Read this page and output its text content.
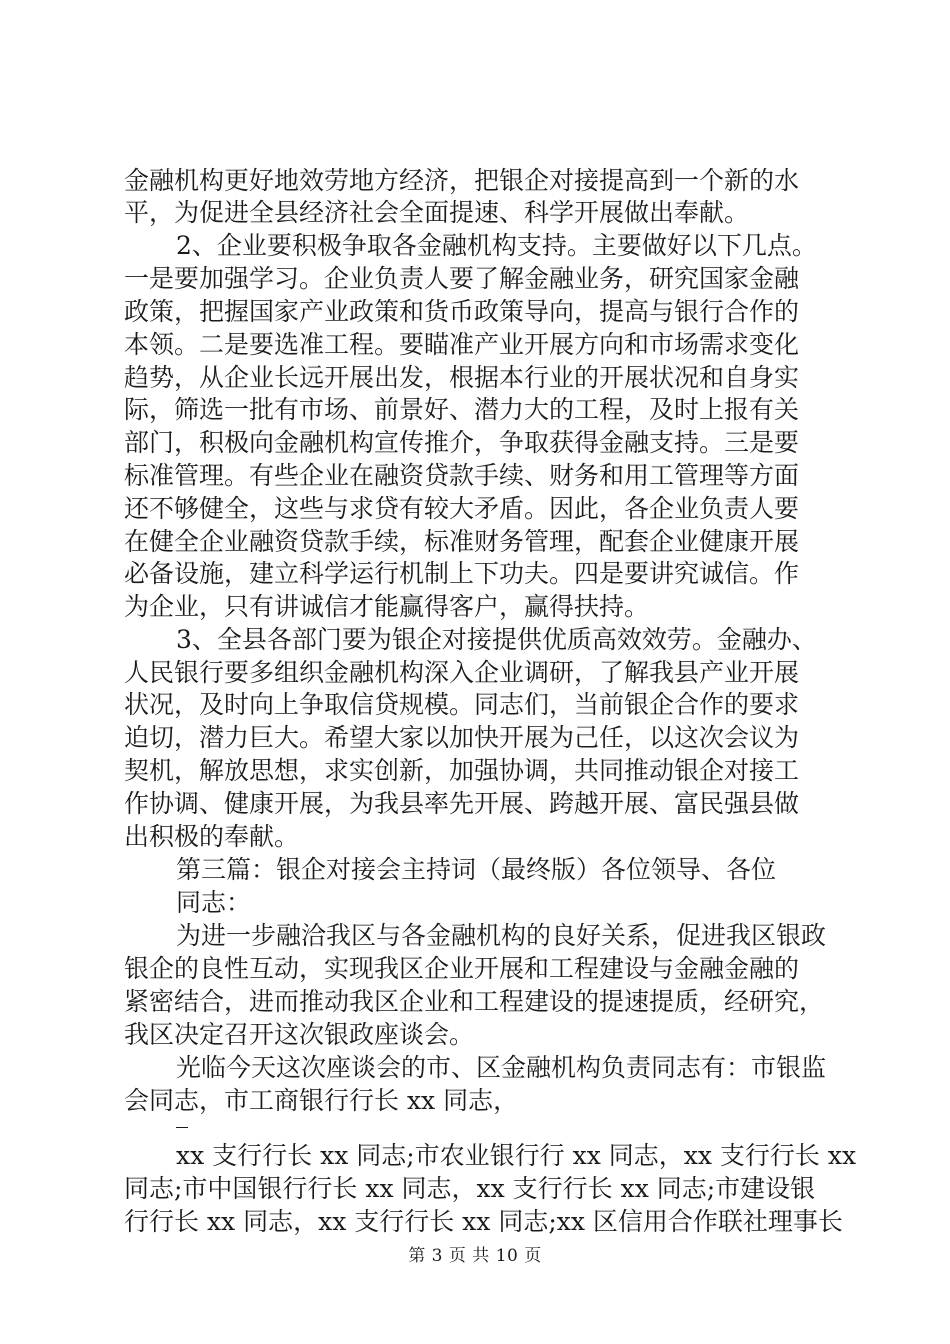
金融机构更好地效劳地方经济，把银企对接提高到一个新的水
平，为促进全县经济社会全面提速、科学开展做出奉献。
2、企业要积极争取各金融机构支持。主要做好以下几点。
一是要加强学习。企业负责人要了解金融业务，研究国家金融
政策，把握国家产业政策和货币政策导向，提高与银行合作的
本领。二是要选准工程。要瞄准产业开展方向和市场需求变化
趋势，从企业长远开展出发，根据本行业的开展状况和自身实
际，筛选一批有市场、前景好、潜力大的工程，及时上报有关
部门，积极向金融机构宣传推介，争取获得金融支持。三是要
标准管理。有些企业在融资贷款手续、财务和用工管理等方面
还不够健全，这些与求贷有较大矛盾。因此，各企业负责人要
在健全企业融资贷款手续，标准财务管理，配套企业健康开展
必备设施，建立科学运行机制上下功夫。四是要讲究诚信。作
为企业，只有讲诚信才能赢得客户，赢得扶持。
3、全县各部门要为银企对接提供优质高效效劳。金融办、
人民银行要多组织金融机构深入企业调研，了解我县产业开展
状况，及时向上争取信贷规模。同志们，当前银企合作的要求
迫切，潜力巨大。希望大家以加快开展为己任，以这次会议为
契机，解放思想，求实创新，加强协调，共同推动银企对接工
作协调、健康开展，为我县率先开展、跨越开展、富民强县做
出积极的奉献。
第三篇：银企对接会主持词（最终版）各位领导、各位
同志：
为进一步融洽我区与各金融机构的良好关系，促进我区银政
银企的良性互动，实现我区企业开展和工程建设与金融金融的
紧密结合，进而推动我区企业和工程建设的提速提质，经研究，
我区决定召开这次银政座谈会。
光临今天这次座谈会的市、区金融机构负责同志有：市银监
会同志，市工商银行行长 xx 同志，
xx 支行行长 xx 同志;市农业银行行 xx 同志，xx 支行行长 xx
同志;市中国银行行长 xx 同志，xx 支行行长 xx 同志;市建设银
行行长 xx 同志，xx 支行行长 xx 同志;xx 区信用合作联社理事长
第 3 页 共 10 页
